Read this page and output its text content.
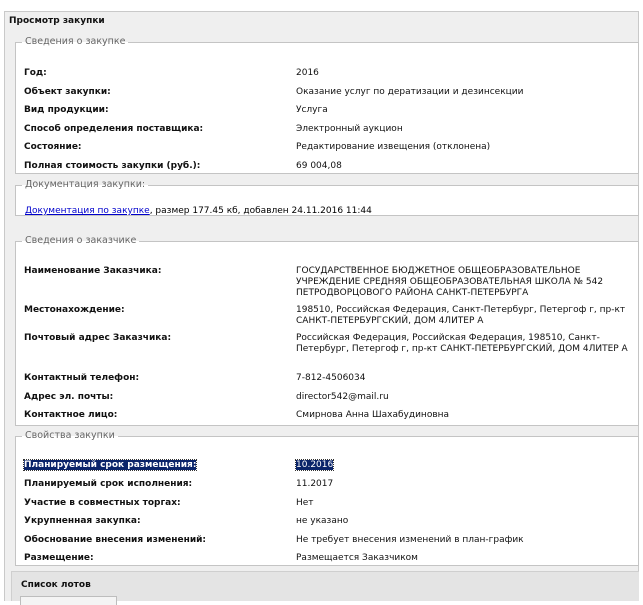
Просмотр закупки
Сведения о закупке
Год:	2016
Объект закупки:	Оказание услуг по дератизации и дезинсекции
Вид продукции:	Услуга
Способ определения поставщика:	Электронный аукцион
Состояние:	Редактирование извещения (отклонена)
Полная стоимость закупки (руб.):	69 004,08
Документация закупки:
Документация по закупке, размер 177.45 кб, добавлен 24.11.2016 11:44
Сведения о заказчике
Наименование Заказчика:	ГОСУДАРСТВЕННОЕ БЮДЖЕТНОЕ ОБЩЕОБРАЗОВАТЕЛЬНОЕ УЧРЕЖДЕНИЕ СРЕДНЯЯ ОБЩЕОБРАЗОВАТЕЛЬНАЯ ШКОЛА № 542 ПЕТРОДВОРЦОВОГО РАЙОНА САНКТ-ПЕТЕРБУРГА
Местонахождение:	198510, Российская Федерация, Санкт-Петербург, Петергоф г, пр-кт САНКТ-ПЕТЕРБУРГСКИЙ, ДОМ 4ЛИТЕР А
Почтовый адрес Заказчика:	Российская Федерация, Российская Федерация, 198510, Санкт-Петербург, Петергоф г, пр-кт САНКТ-ПЕТЕРБУРГСКИЙ, ДОМ 4ЛИТЕР А
Контактный телефон:	7-812-4506034
Адрес эл. почты:	director542@mail.ru
Контактное лицо:	Смирнова Анна Шахабудиновна
Свойства закупки
Планируемый срок размещения:	10.2016
Планируемый срок исполнения:	11.2017
Участие в совместных торгах:	Нет
Укрупненная закупка:	не указано
Обоснование внесения изменений:	Не требует внесения изменений в план-график
Размещение:	Размещается Заказчиком
Список лотов
